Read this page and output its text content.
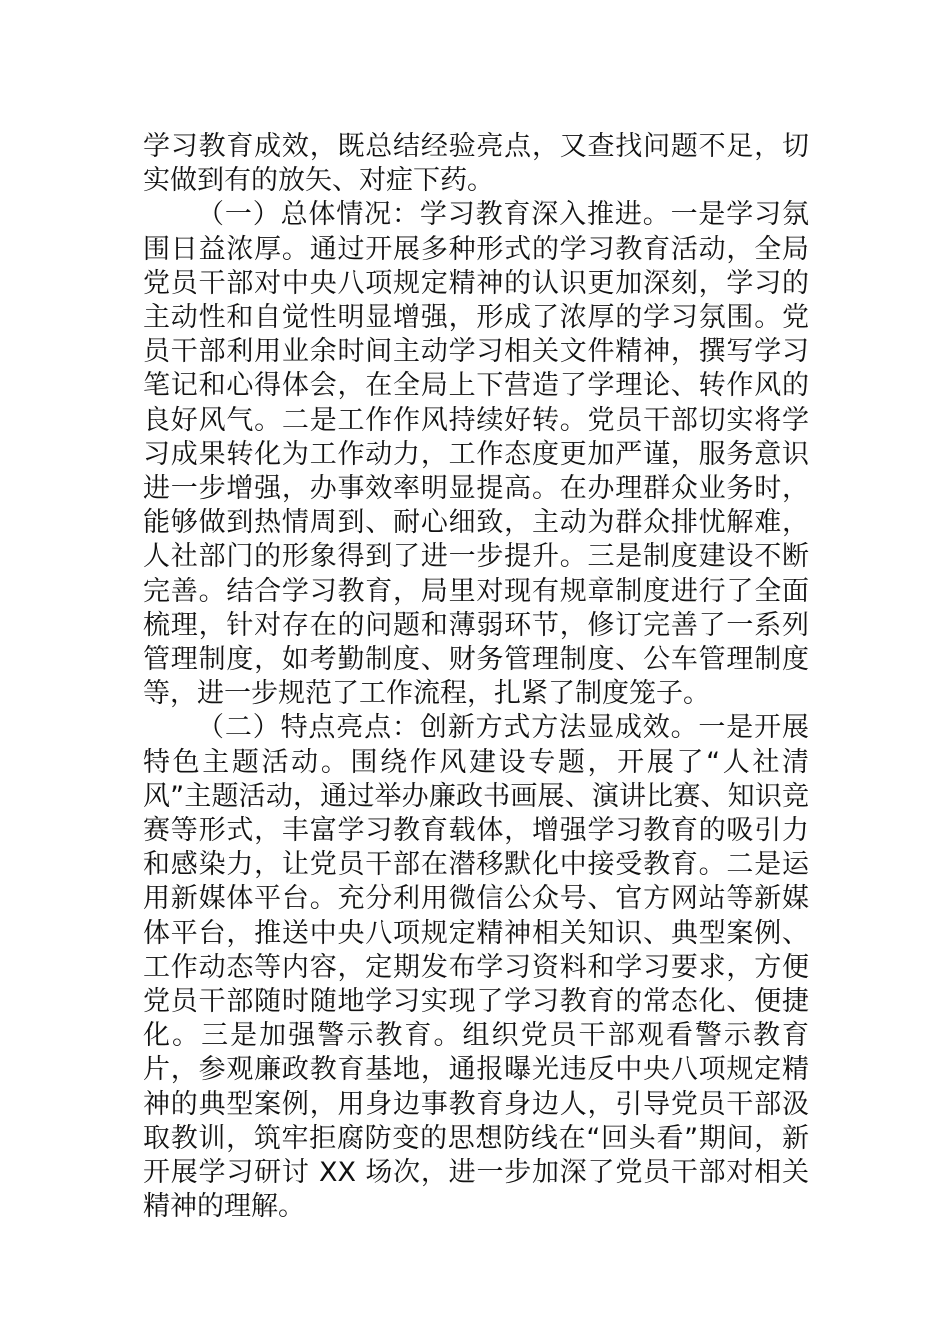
学习教育成效，既总结经验亮点，又查找问题不足，切实做到有的放矢、对症下药。

（一）总体情况：学习教育深入推进。一是学习氛围日益浓厚。通过开展多种形式的学习教育活动，全局党员干部对中央八项规定精神的认识更加深刻，学习的主动性和自觉性明显增强，形成了浓厚的学习氛围。党员干部利用业余时间主动学习相关文件精神，撰写学习笔记和心得体会，在全局上下营造了学理论、转作风的良好风气。二是工作作风持续好转。党员干部切实将学习成果转化为工作动力，工作态度更加严谨，服务意识进一步增强，办事效率明显提高。在办理群众业务时，能够做到热情周到、耐心细致，主动为群众排忧解难，人社部门的形象得到了进一步提升。三是制度建设不断完善。结合学习教育，局里对现有规章制度进行了全面梳理，针对存在的问题和薄弱环节，修订完善了一系列管理制度，如考勤制度、财务管理制度、公车管理制度等，进一步规范了工作流程，扎紧了制度笼子。

（二）特点亮点：创新方式方法显成效。一是开展特色主题活动。围绕作风建设专题，开展了“人社清风”主题活动，通过举办廉政书画展、演讲比赛、知识竞赛等形式，丰富学习教育载体，增强学习教育的吸引力和感染力，让党员干部在潜移默化中接受教育。二是运用新媒体平台。充分利用微信公众号、官方网站等新媒体平台，推送中央八项规定精神相关知识、典型案例、工作动态等内容，定期发布学习资料和学习要求，方便党员干部随时随地学习实现了学习教育的常态化、便捷化。三是加强警示教育。组织党员干部观看警示教育片，参观廉政教育基地，通报曝光违反中央八项规定精神的典型案例，用身边事教育身边人，引导党员干部汲取教训，筑牢拒腐防变的思想防线在“回头看”期间，新开展学习研讨 XX 场次，进一步加深了党员干部对相关精神的理解。
